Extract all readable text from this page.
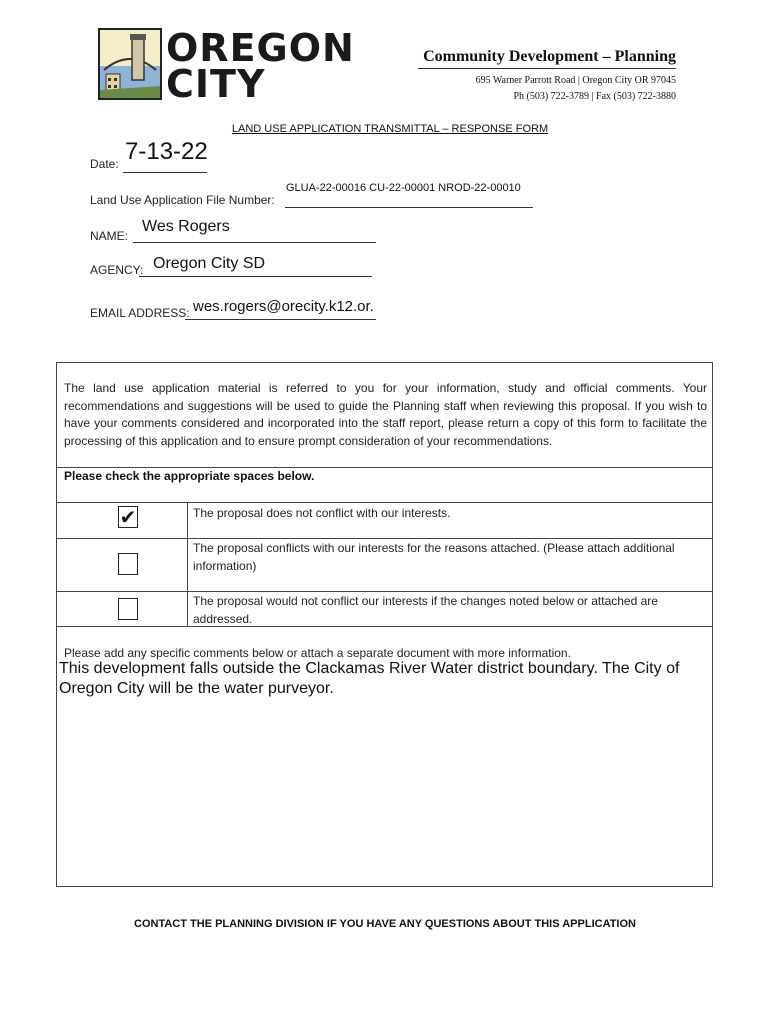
OREGON
CITY
Community Development – Planning
695 Warner Parrott Road | Oregon City OR 97045
Ph (503) 722-3789 | Fax (503) 722-3880
LAND USE APPLICATION TRANSMITTAL – RESPONSE FORM
Date: 7-13-22
Land Use Application File Number:
GLUA-22-00016 CU-22-00001 NROD-22-00010
NAME:
Wes Rogers
AGENCY: Oregon City SD
EMAIL ADDRESS: wes.rogers@orecity.k12.or.
The land use application material is referred to you for your information, study and official comments. Your recommendations and suggestions will be used to guide the Planning staff when reviewing this proposal. If you wish to have your comments considered and incorporated into the staff report, please return a copy of this form to facilitate the processing of this application and to ensure prompt consideration of your recommendations.
Please check the appropriate spaces below.
✔	The proposal does not conflict with our interests.
The proposal conflicts with our interests for the reasons attached. (Please attach additional information)
The proposal would not conflict our interests if the changes noted below or attached are addressed.
Please add any specific comments below or attach a separate document with more information.
This development falls outside the Clackamas River Water district boundary. The City of Oregon City will be the water purveyor.
CONTACT THE PLANNING DIVISION IF YOU HAVE ANY QUESTIONS ABOUT THIS APPLICATION
